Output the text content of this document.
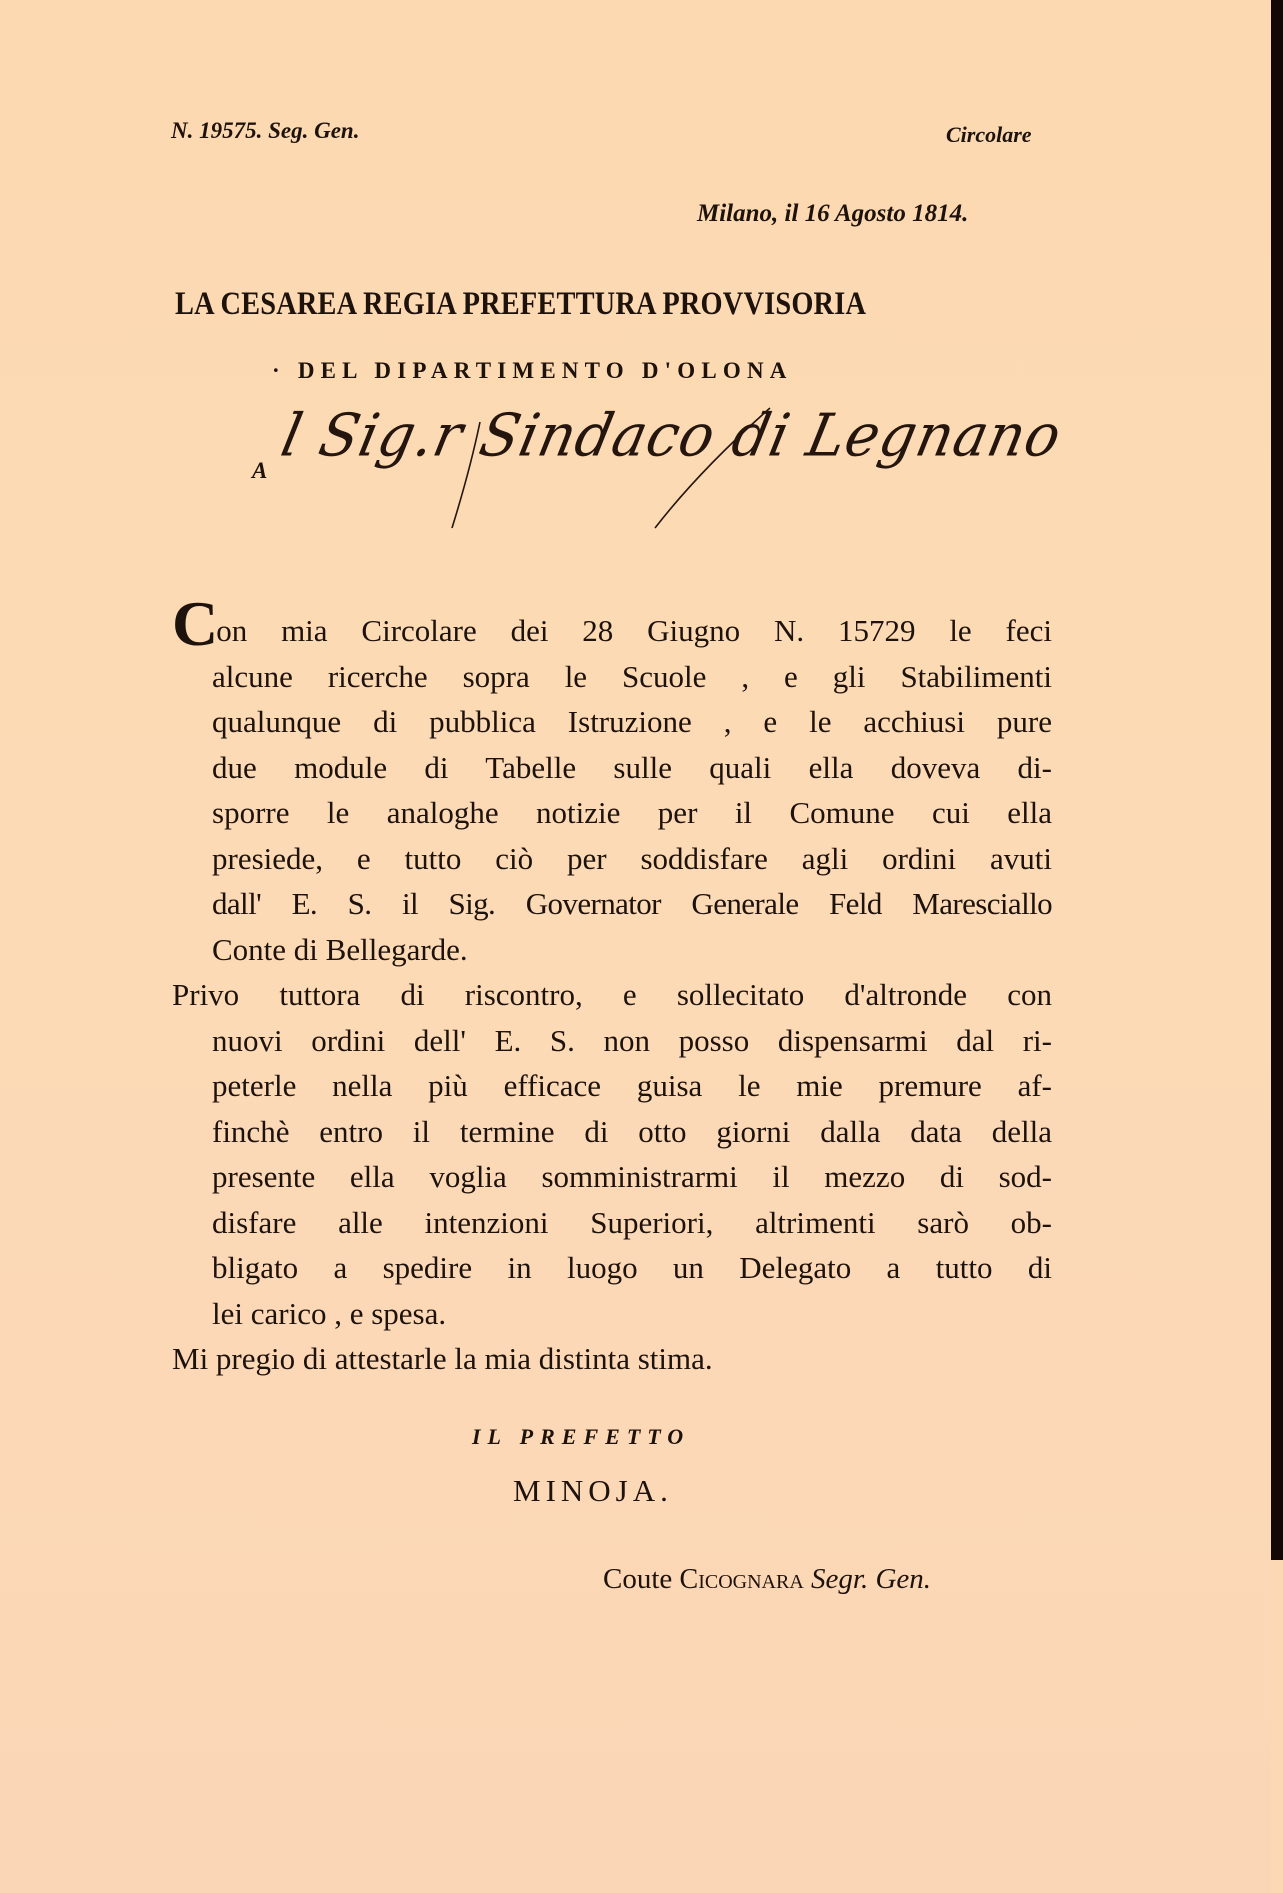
N. 19575. Seg. Gen.	Circolare
Milano, il 16 Agosto 1814.
LA CESAREA REGIA PREFETTURA PROVVISORIA
· DEL DIPARTIMENTO D'OLONA
A
l Sig.r Sindaco di Legnano

Con mia Circolare dei 28 Giugno N. 15729 le feci
alcune ricerche sopra le Scuole , e gli Stabilimenti
qualunque di pubblica Istruzione , e le acchiusi pure
due module di Tabelle sulle quali ella doveva di-
sporre le analoghe notizie per il Comune cui ella
presiede, e tutto ciò per soddisfare agli ordini avuti
dall' E. S. il Sig. Governator Generale Feld Maresciallo
Conte di Bellegarde.

Privo tuttora di riscontro, e sollecitato d'altronde con
nuovi ordini dell' E. S. non posso dispensarmi dal ri-
peterle nella più efficace guisa le mie premure af-
finchè entro il termine di otto giorni dalla data della
presente ella voglia somministrarmi il mezzo di sod-
disfare alle intenzioni Superiori, altrimenti sarò ob-
bligato a spedire in luogo un Delegato a tutto di
lei carico , e spesa.

Mi pregio di attestarle la mia distinta stima.

IL PREFETTO
MINOJA.
Coute Cicognara Segr. Gen.
